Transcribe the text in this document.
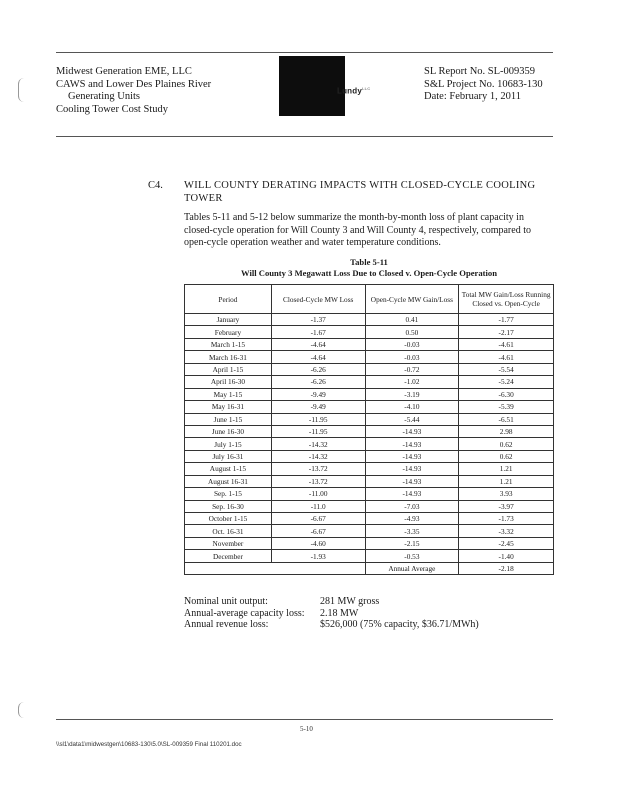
Midwest Generation EME, LLC
CAWS and Lower Des Plaines River
Generating Units
Cooling Tower Cost Study
Lundy$^{LLC}$
SL Report No. SL-009359
S&L Project No. 10683-130
Date: February 1, 2011
C4. WILL COUNTY DERATING IMPACTS WITH CLOSED-CYCLE COOLING
TOWER
Tables 5-11 and 5-12 below summarize the month-by-month loss of plant capacity in closed-cycle operation for Will County 3 and Will County 4, respectively, compared to open-cycle operation weather and water temperature conditions.
Table 5-11
Will County 3 Megawatt Loss Due to Closed v. Open-Cycle Operation
Period	Closed-Cycle MW Loss	Open-Cycle MW Gain/Loss	Total MW Gain/Loss Running Closed vs. Open-Cycle
January	-1.37	0.41	-1.77
February	-1.67	0.50	-2.17
March 1-15	-4.64	-0.03	-4.61
March 16-31	-4.64	-0.03	-4.61
April 1-15	-6.26	-0.72	-5.54
April 16-30	-6.26	-1.02	-5.24
May 1-15	-9.49	-3.19	-6.30
May 16-31	-9.49	-4.10	-5.39
June 1-15	-11.95	-5.44	-6.51
June 16-30	-11.95	-14.93	2.98
July 1-15	-14.32	-14.93	0.62
July 16-31	-14.32	-14.93	0.62
August 1-15	-13.72	-14.93	1.21
August 16-31	-13.72	-14.93	1.21
Sep. 1-15	-11.00	-14.93	3.93
Sep. 16-30	-11.0	-7.03	-3.97
October 1-15	-6.67	-4.93	-1.73
Oct. 16-31	-6.67	-3.35	-3.32
November	-4.60	-2.15	-2.45
December	-1.93	-0.53	-1.40
		Annual Average	-2.18
Nominal unit output:	281 MW gross
Annual-average capacity loss:	2.18 MW
Annual revenue loss:	$526,000 (75% capacity, $36.71/MWh)
5-10
\\sl1\data1\midwestgen\10683-130\5.0\SL-009359 Final 110201.doc
